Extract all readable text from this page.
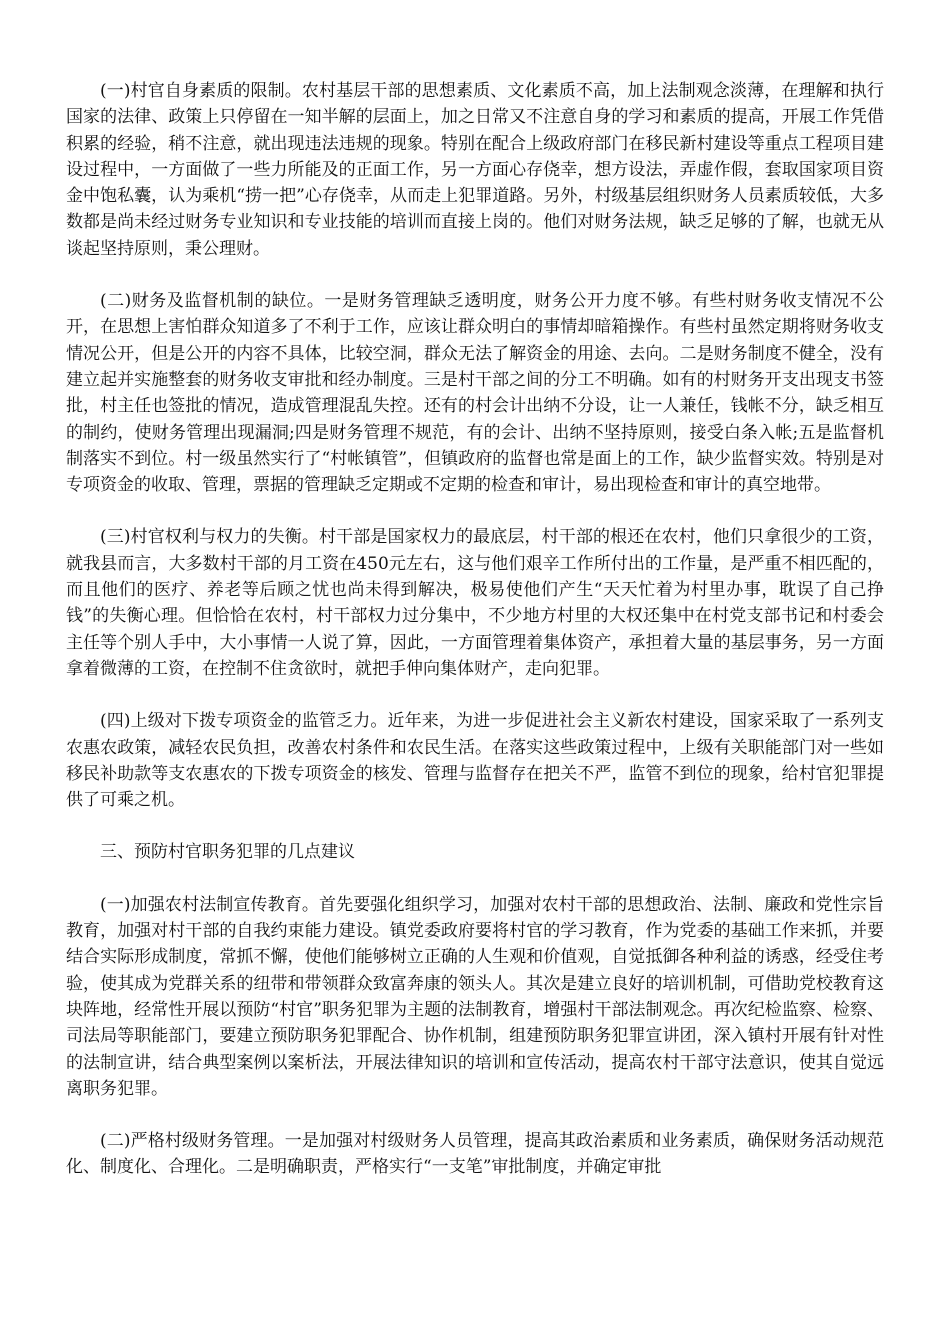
(一)村官自身素质的限制。农村基层干部的思想素质、文化素质不高，加上法制观念淡薄，在理解和执行国家的法律、政策上只停留在一知半解的层面上，加之日常又不注意自身的学习和素质的提高，开展工作凭借积累的经验，稍不注意，就出现违法违规的现象。特别在配合上级政府部门在移民新村建设等重点工程项目建设过程中，一方面做了一些力所能及的正面工作，另一方面心存侥幸，想方设法，弄虚作假，套取国家项目资金中饱私囊，认为乘机“捞一把”心存侥幸，从而走上犯罪道路。另外，村级基层组织财务人员素质较低，大多数都是尚未经过财务专业知识和专业技能的培训而直接上岗的。他们对财务法规，缺乏足够的了解，也就无从谈起坚持原则，秉公理财。

(二)财务及监督机制的缺位。一是财务管理缺乏透明度，财务公开力度不够。有些村财务收支情况不公开，在思想上害怕群众知道多了不利于工作，应该让群众明白的事情却暗箱操作。有些村虽然定期将财务收支情况公开，但是公开的内容不具体，比较空洞，群众无法了解资金的用途、去向。二是财务制度不健全，没有建立起并实施整套的财务收支审批和经办制度。三是村干部之间的分工不明确。如有的村财务开支出现支书签批，村主任也签批的情况，造成管理混乱失控。还有的村会计出纳不分设，让一人兼任，钱帐不分，缺乏相互的制约，使财务管理出现漏洞;四是财务管理不规范，有的会计、出纳不坚持原则，接受白条入帐;五是监督机制落实不到位。村一级虽然实行了“村帐镇管”，但镇政府的监督也常是面上的工作，缺少监督实效。特别是对专项资金的收取、管理，票据的管理缺乏定期或不定期的检查和审计，易出现检查和审计的真空地带。

(三)村官权利与权力的失衡。村干部是国家权力的最底层，村干部的根还在农村，他们只拿很少的工资，就我县而言，大多数村干部的月工资在450元左右，这与他们艰辛工作所付出的工作量，是严重不相匹配的，而且他们的医疗、养老等后顾之忧也尚未得到解决，极易使他们产生“天天忙着为村里办事，耽误了自己挣钱”的失衡心理。但恰恰在农村，村干部权力过分集中，不少地方村里的大权还集中在村党支部书记和村委会主任等个别人手中，大小事情一人说了算，因此，一方面管理着集体资产，承担着大量的基层事务，另一方面拿着微薄的工资，在控制不住贪欲时，就把手伸向集体财产，走向犯罪。

(四)上级对下拨专项资金的监管乏力。近年来，为进一步促进社会主义新农村建设，国家采取了一系列支农惠农政策，减轻农民负担，改善农村条件和农民生活。在落实这些政策过程中，上级有关职能部门对一些如移民补助款等支农惠农的下拨专项资金的核发、管理与监督存在把关不严，监管不到位的现象，给村官犯罪提供了可乘之机。

三、预防村官职务犯罪的几点建议

(一)加强农村法制宣传教育。首先要强化组织学习，加强对农村干部的思想政治、法制、廉政和党性宗旨教育，加强对村干部的自我约束能力建设。镇党委政府要将村官的学习教育，作为党委的基础工作来抓，并要结合实际形成制度，常抓不懈，使他们能够树立正确的人生观和价值观，自觉抵御各种利益的诱惑，经受住考验，使其成为党群关系的纽带和带领群众致富奔康的领头人。其次是建立良好的培训机制，可借助党校教育这块阵地，经常性开展以预防“村官”职务犯罪为主题的法制教育，增强村干部法制观念。再次纪检监察、检察、司法局等职能部门，要建立预防职务犯罪配合、协作机制，组建预防职务犯罪宣讲团，深入镇村开展有针对性的法制宣讲，结合典型案例以案析法，开展法律知识的培训和宣传活动，提高农村干部守法意识，使其自觉远离职务犯罪。

(二)严格村级财务管理。一是加强对村级财务人员管理，提高其政治素质和业务素质，确保财务活动规范化、制度化、合理化。二是明确职责，严格实行“一支笔”审批制度，并确定审批
